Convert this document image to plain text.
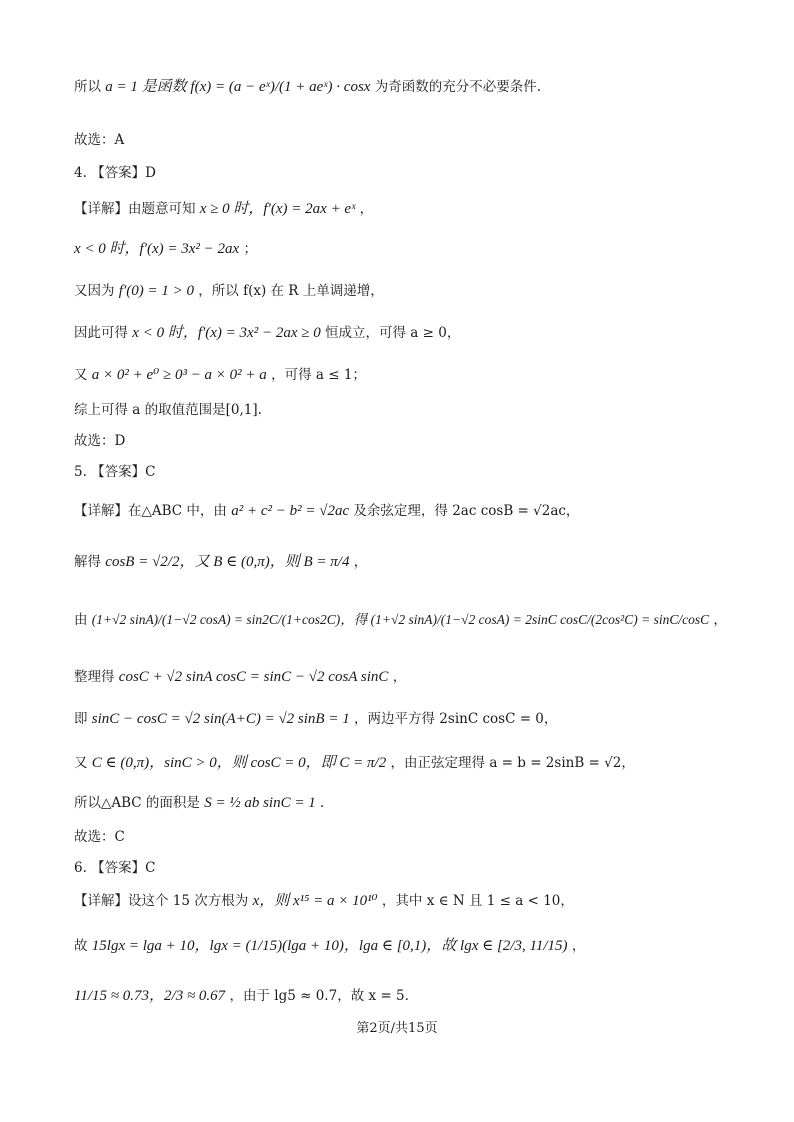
所以 a = 1 是函数 f(x) = (a − eˣ)/(1 + aeˣ) · cosx 为奇函数的充分不必要条件.
故选：A
4. 【答案】D
【详解】由题意可知 x ≥ 0 时，f′(x) = 2ax + eˣ ，
x < 0 时，f′(x) = 3x² − 2ax ；
又因为 f′(0) = 1 > 0 ，所以 f(x) 在 R 上单调递增，
因此可得 x < 0 时，f′(x) = 3x² − 2ax ≥ 0 恒成立，可得 a ≥ 0，
又 a × 0² + e⁰ ≥ 0³ − a × 0² + a ，可得 a ≤ 1；
综上可得 a 的取值范围是[0,1].
故选：D
5. 【答案】C
【详解】在△ABC 中，由 a² + c² − b² = √2ac 及余弦定理，得 2ac cosB = √2ac，
解得 cosB = √2/2，又 B ∈ (0,π)，则 B = π/4 ，
由 (1+√2 sinA)/(1−√2 cosA) = sin2C/(1+cos2C)，得 (1+√2 sinA)/(1−√2 cosA) = 2sinC cosC/(2cos²C) = sinC/cosC ，
整理得 cosC + √2 sinA cosC = sinC − √2 cosA sinC ，
即 sinC − cosC = √2 sin(A+C) = √2 sinB = 1 ，两边平方得 2sinC cosC = 0，
又 C ∈ (0,π)，sinC > 0，则 cosC = 0，即 C = π/2 ，由正弦定理得 a = b = 2sinB = √2，
所以△ABC 的面积是 S = ½ ab sinC = 1 .
故选：C
6. 【答案】C
【详解】设这个 15 次方根为 x，则 x¹⁵ = a × 10¹⁰ ，其中 x ∈ N 且 1 ≤ a < 10，
故 15lgx = lga + 10，lgx = (1/15)(lga + 10)，lga ∈ [0,1)，故 lgx ∈ [2/3, 11/15) ，
11/15 ≈ 0.73，2/3 ≈ 0.67 ，由于 lg5 ≈ 0.7，故 x = 5.
第2页/共15页
